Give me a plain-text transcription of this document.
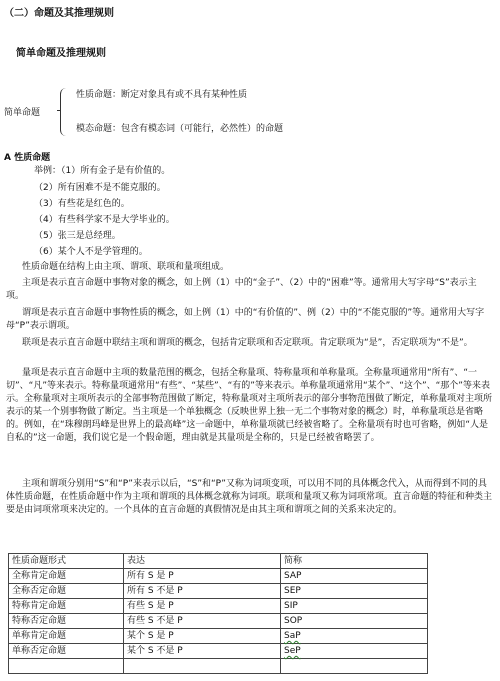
（二）命题及其推理规则
简单命题及推理规则
简单命题
性质命题：断定对象具有或不具有某种性质
模态命题：包含有模态词（可能行，必然性）的命题
A 性质命题
举例：（1）所有金子是有价值的。
（2）所有困难不是不能克服的。
（3）有些花是红色的。
（4）有些科学家不是大学毕业的。
（5）张三是总经理。
（6）某个人不是学管理的。
性质命题在结构上由主项、谓项、联项和量项组成。
主项是表示直言命题中事物对象的概念，如上例（1）中的“金子”、（2）中的“困难”等。通常用大写字母“S”表示主项。
谓项是表示直言命题中事物性质的概念，如上例（1）中的“有价值的”、例（2）中的“不能克服的”等。通常用大写字母“P”表示谓项。
联项是表示直言命题中联结主项和谓项的概念，包括肯定联项和否定联项。肯定联项为“是”，否定联项为“不是”。
量项是表示直言命题中主项的数量范围的概念，包括全称量项、特称量项和单称量项。全称量项通常用“所有”、“一切”、“凡”等来表示。特称量项通常用“有些”、“某些”、“有的”等来表示。单称量项通常用“某个”、“这个”、“那个”等来表示。全称量项对主项所表示的全部事物范围做了断定，特称量项对主项所表示的部分事物范围做了断定，单称量项对主项所表示的某一个别事物做了断定。当主项是一个单独概念（反映世界上独一无二个事物对象的概念）时，单称量项总是省略的。例如，在“珠穆朗玛峰是世界上的最高峰”这一命题中，单称量项就已经被省略了。全称量项有时也可省略，例如“人是自私的”这一命题，我们说它是一个假命题，理由就是其量项是全称的，只是已经被省略罢了。
主项和谓项分别用“S”和“P”来表示以后，“S”和“P”又称为词项变项，可以用不同的具体概念代入，从而得到不同的具体性质命题，在性质命题中作为主项和谓项的具体概念就称为词项。联项和量项又称为词项常项。直言命题的特征和种类主要是由词项常项来决定的。一个具体的直言命题的真假情况是由其主项和谓项之间的关系来决定的。
性质命题形式	表达	简称
全称肯定命题	所有 S 是 P	SAP
全称否定命题	所有 S 不是 P	SEP
特称肯定命题	有些 S 是 P	SIP
特称否定命题	有些 S 不是 P	SOP
单称肯定命题	某个 S 是 P	SaP
单称否定命题	某个 S 不是 P	SeP
